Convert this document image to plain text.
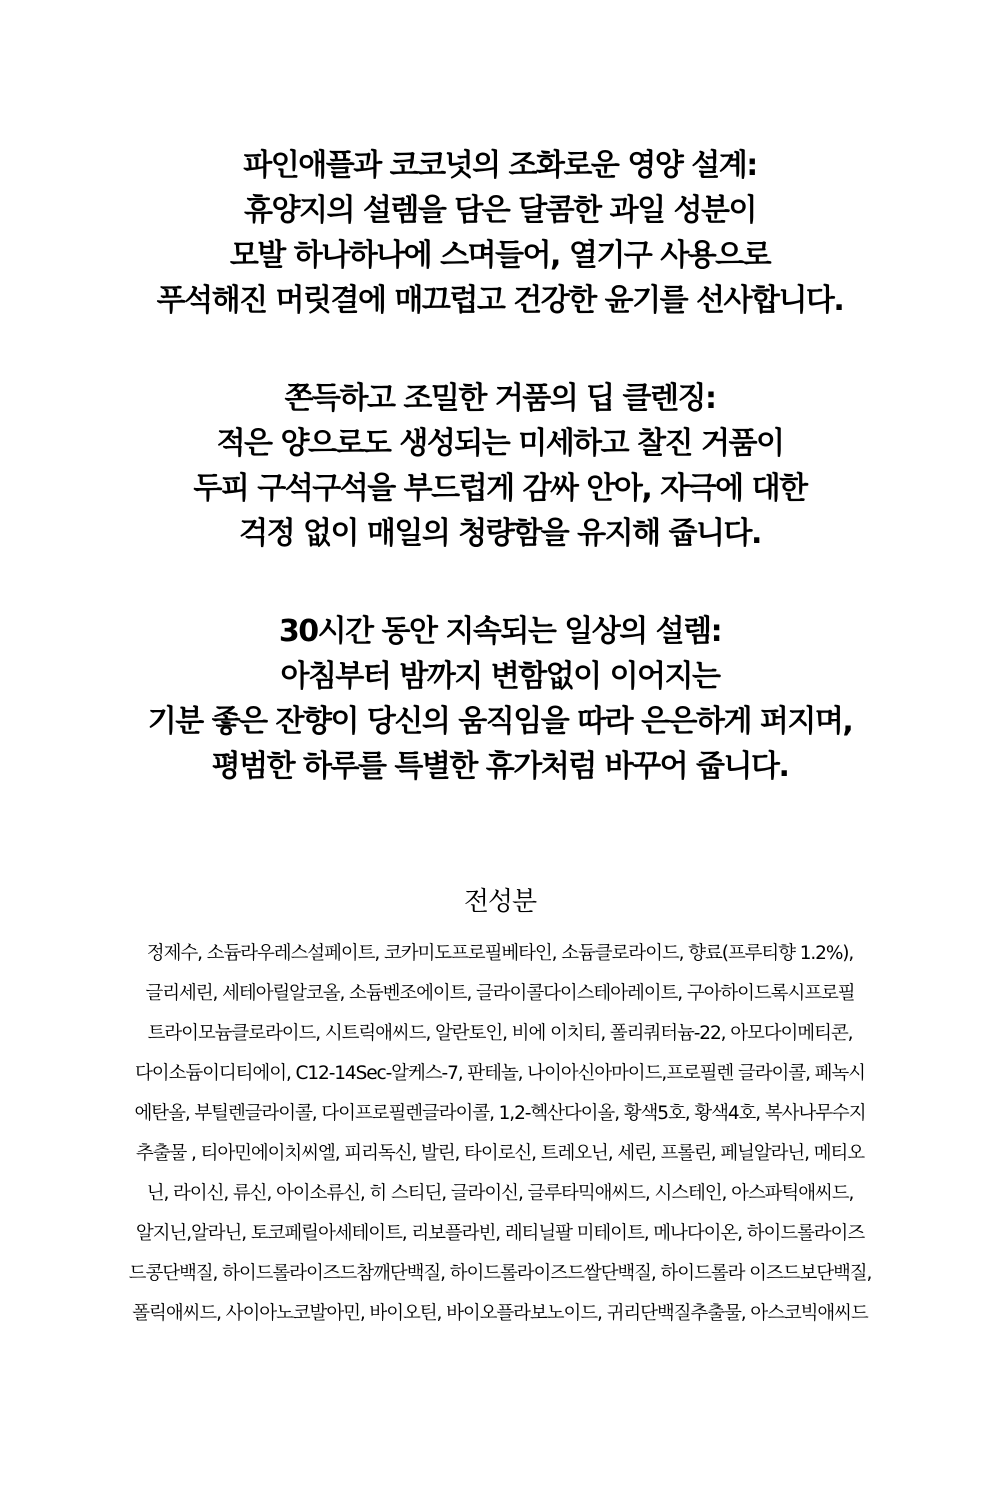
파인애플과 코코넛의 조화로운 영양 설계:
휴양지의 설렘을 담은 달콤한 과일 성분이
모발 하나하나에 스며들어, 열기구 사용으로
푸석해진 머릿결에 매끄럽고 건강한 윤기를 선사합니다.
쫀득하고 조밀한 거품의 딥 클렌징:
적은 양으로도 생성되는 미세하고 찰진 거품이
두피 구석구석을 부드럽게 감싸 안아, 자극에 대한
걱정 없이 매일의 청량함을 유지해 줍니다.
30시간 동안 지속되는 일상의 설렘:
아침부터 밤까지 변함없이 이어지는
기분 좋은 잔향이 당신의 움직임을 따라 은은하게 퍼지며,
평범한 하루를 특별한 휴가처럼 바꾸어 줍니다.
전성분
정제수, 소듐라우레스설페이트, 코카미도프로필베타인, 소듐클로라이드, 향료(프루티향 1.2%),
글리세린, 세테아릴알코올, 소듐벤조에이트, 글라이콜다이스테아레이트, 구아하이드록시프로필
트라이모늄클로라이드, 시트릭애씨드, 알란토인, 비에 이치티, 폴리쿼터늄-22, 아모다이메티콘,
다이소듐이디티에이, C12-14Sec-알케스-7, 판테놀, 나이아신아마이드,프로필렌 글라이콜, 페녹시
에탄올, 부틸렌글라이콜, 다이프로필렌글라이콜, 1,2-헥산다이올, 황색5호, 황색4호, 복사나무수지
추출물 , 티아민에이치씨엘, 피리독신, 발린, 타이로신, 트레오닌, 세린, 프롤린, 페닐알라닌, 메티오
닌, 라이신, 류신, 아이소류신, 히 스티딘, 글라이신, 글루타믹애씨드, 시스테인, 아스파틱애씨드,
알지닌,알라닌, 토코페릴아세테이트, 리보플라빈, 레티닐팔 미테이트, 메나다이온, 하이드롤라이즈
드콩단백질, 하이드롤라이즈드참깨단백질, 하이드롤라이즈드쌀단백질, 하이드롤라 이즈드보단백질,
폴릭애씨드, 사이아노코발아민, 바이오틴, 바이오플라보노이드, 귀리단백질추출물, 아스코빅애씨드
